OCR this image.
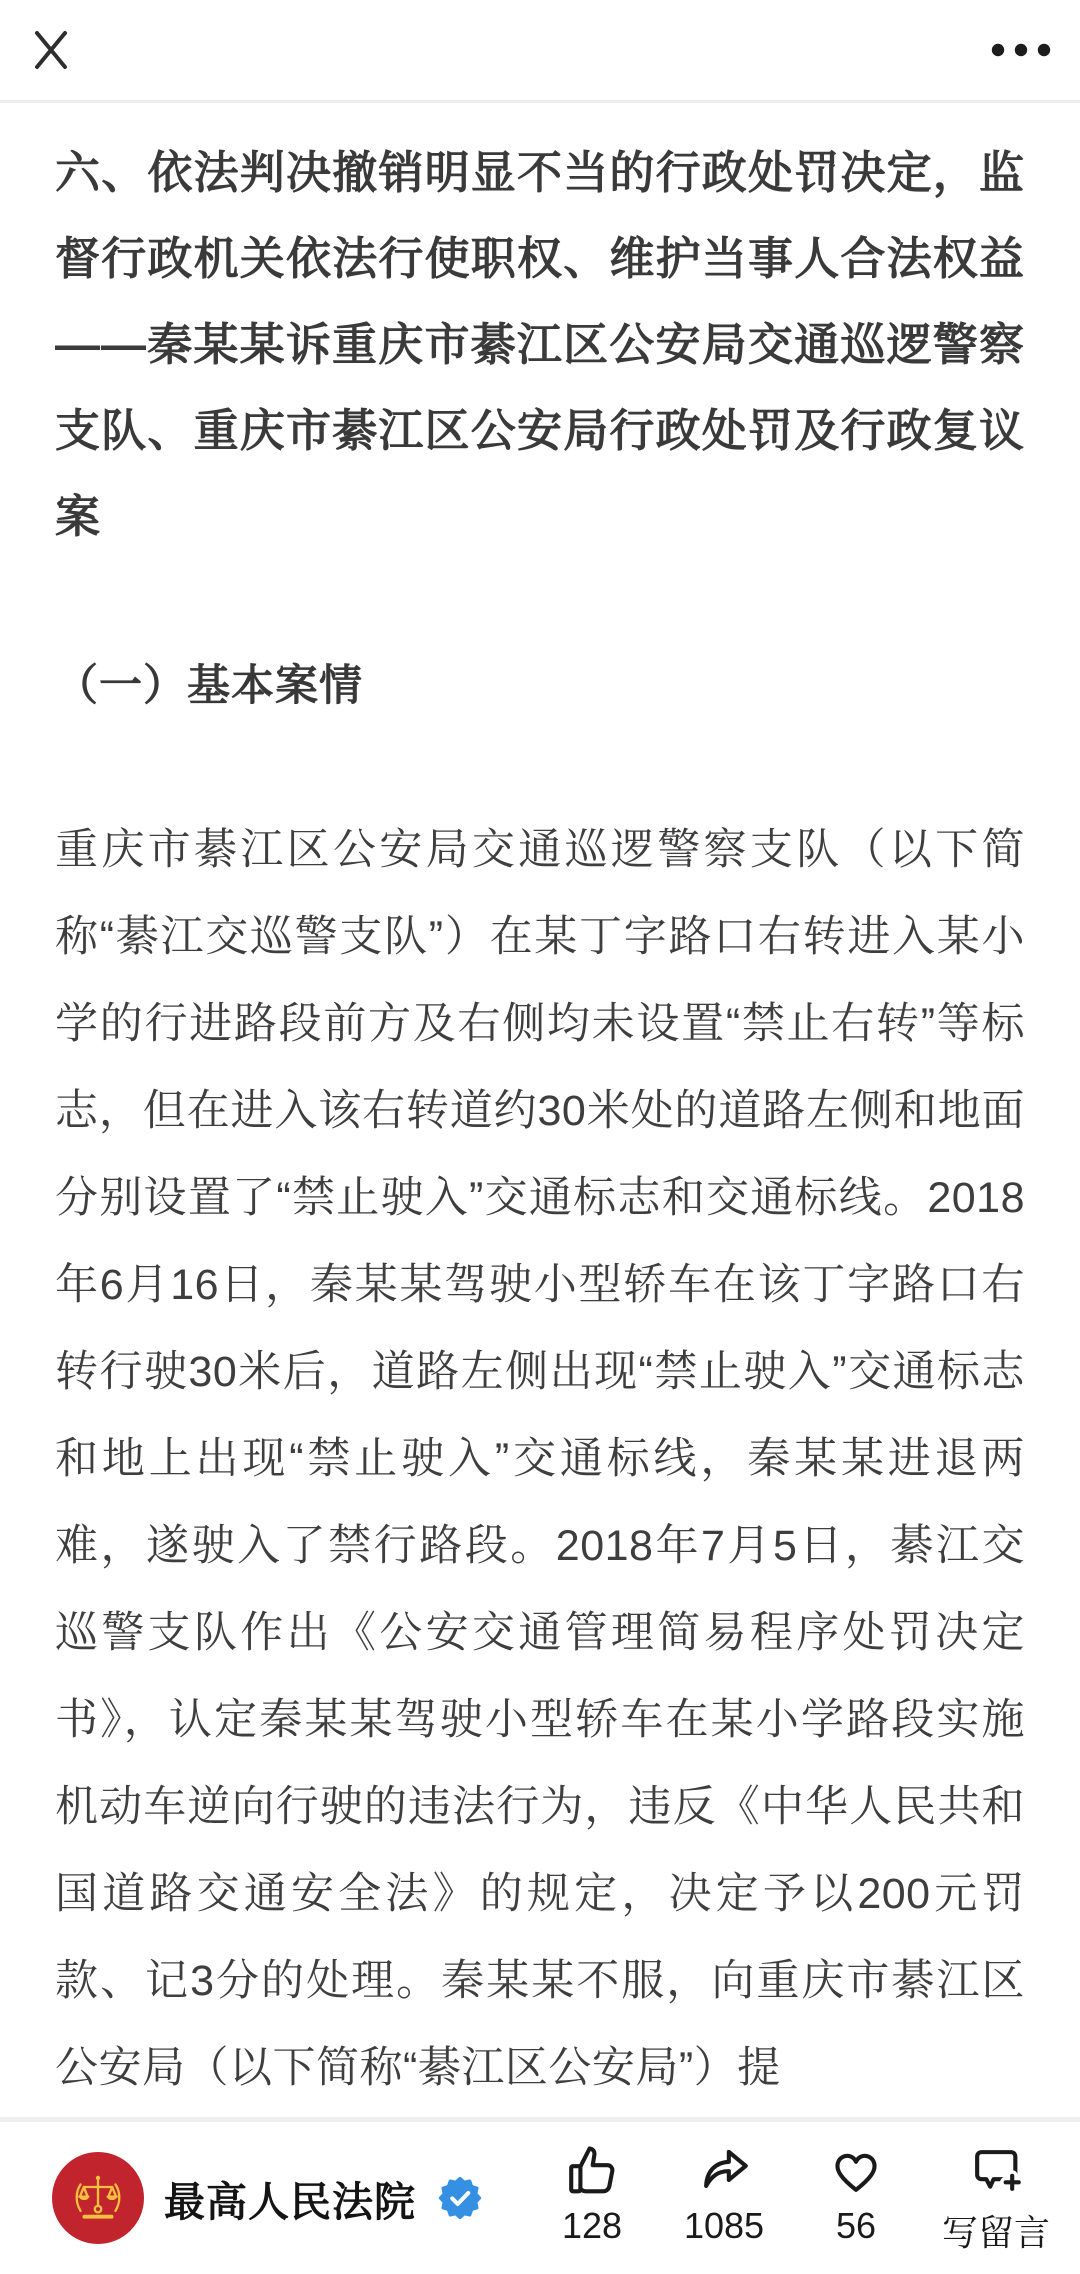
六、依法判决撤销明显不当的行政处罚决定，监督行政机关依法行使职权、维护当事人合法权益——秦某某诉重庆市綦江区公安局交通巡逻警察支队、重庆市綦江区公安局行政处罚及行政复议案
（一）基本案情

重庆市綦江区公安局交通巡逻警察支队（以下简称“綦江交巡警支队”）在某丁字路口右转进入某小学的行进路段前方及右侧均未设置“禁止右转”等标志，但在进入该右转道约30米处的道路左侧和地面分别设置了“禁止驶入”交通标志和交通标线。2018年6月16日，秦某某驾驶小型轿车在该丁字路口右转行驶30米后，道路左侧出现“禁止驶入”交通标志和地上出现“禁止驶入”交通标线，秦某某进退两难，遂驶入了禁行路段。2018年7月5日，綦江交巡警支队作出《公安交通管理简易程序处罚决定书》，认定秦某某驾驶小型轿车在某小学路段实施机动车逆向行驶的违法行为，违反《中华人民共和国道路交通安全法》的规定，决定予以200元罚款、记3分的处理。秦某某不服，向重庆市綦江区公安局（以下简称“綦江区公安局”）提

最高人民法院
128 1085 56 写留言
